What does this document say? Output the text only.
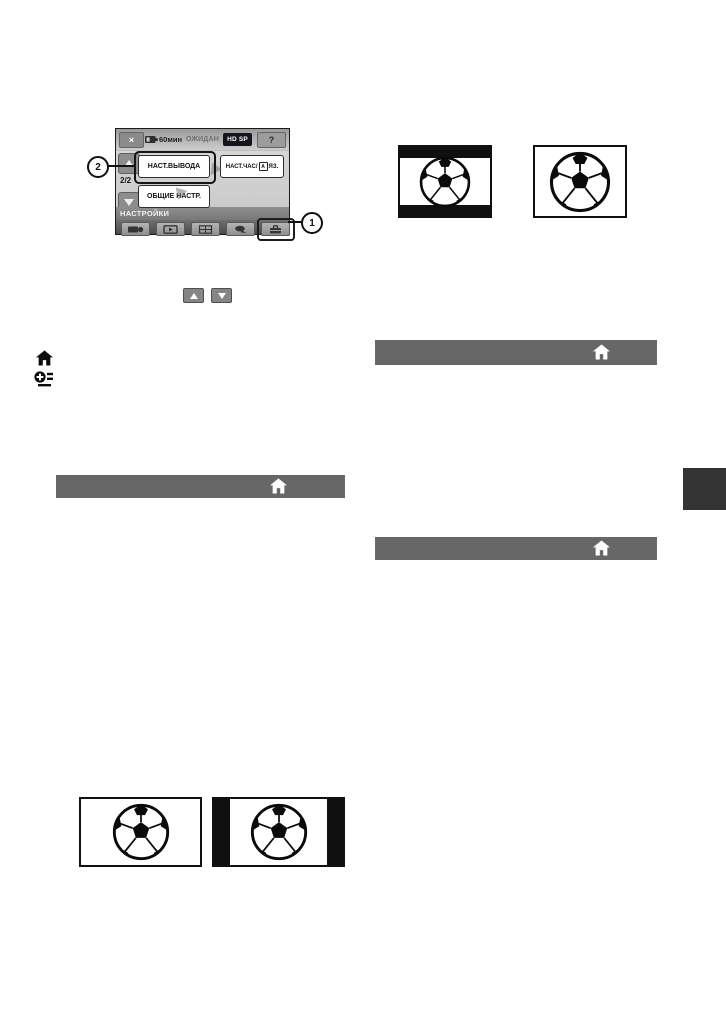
×	60мин ОЖИДАН	HD SP	?
2/2
НАСТ.ВЫВОДА	НАСТ.ЧАС/ A ЯЗ.
ОБЩИЕ НАСТР.
НАСТРОЙКИ
2
1
